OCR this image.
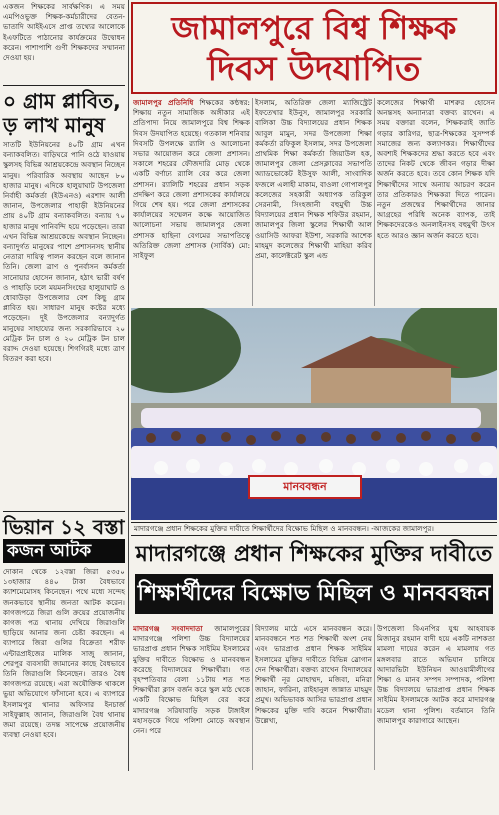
একজন শিক্ষকের সার্বক্ষণিক। এ সময় এমপিওভুক্ত শিক্ষক-কর্মচারীদের বেতন-ভাতাদি আইইএসে প্রাপ্ত তথ্যের আলোকে ইএফটিতে পাঠানোর কার্যক্রমের উদ্বোধন করেন। পাশাপাশি গুণী শিক্ষকদের সম্মাননা দেওয়া হয়।

০ গ্রাম প্লাবিত,
ড় লাখ মানুষ

সাতটি ইউনিয়নের ৪০টি গ্রাম এখন বন্যাকবলিত। বাড়িঘরে পানি ওঠে যাওয়ায় স্কুলসহ বিভিন্ন আশ্রয়কেন্দ্রে অবস্থান নিচ্ছেন মানুষ। পরিবারিক অবস্থায় আছেন ৮০ হাজার মানুষ। এদিকে হালুয়াঘাট উপজেলা নির্বাহী কর্মকর্তা (ইউএনও) এরশাদ আলী জানান, উপজেলার পাহাড়ী ইউনিয়নের প্রায় ৪০টি গ্রাম বন্যাকবলিত। বন্যায় ৭০ হাজার মানুষ পানিবন্দি হয়ে পড়েছেন। তারা এখন বিভিন্ন আশ্রয়কেন্দ্রে অবস্থান নিচ্ছেন। বন্যাদুর্গত মানুষের পাশে প্রশাসনসহ স্থানীয় নেতারা দায়িত্ব পালন করছেন বলে জানান তিনি। জেলা ত্রাণ ও পুনর্বাসন কর্মকর্তা সানোয়ার হোসেন জানান, হঠাৎ ভারী বর্ষণ ও পাহাড়ি ঢলে ময়মনসিংহের হালুয়াঘাট ও ধোবাউড়া উপজেলার বেশ কিছু গ্রাম প্লাবিত হয়। সাধারণ মানুষ কষ্টের মধ্যে পড়েছেন। দুই উপজেলার বন্যাদুর্গত মানুষের সাহায্যের জন্য সরকারিভাবে ২০ মেট্রিক টন চাল ও ২০ মেট্রিক টন চাল বরাদ্দ দেওয়া হয়েছে। শিগগিরই মধ্যে ত্রাণ বিতরণ করা হবে।

ভিয়ান ১২ বস্তা
কজন আটক

দোকান থেকে ১২বস্তা জিরা ৫৩৫০ ১৩হাজার ৪৪০ টাকা বৈধভাবে ক্যাশমেমোসহ কিনেছেন। পথে মধ্যে সন্দেহ জনকভাবে স্থানীয় জনতা আটক করেন। কাগজপত্রে জিরা গুলি ক্রয়ের প্রয়োজনীয় কাগজ পত্র থানায় দেখিয়ে জিরাগুলি ছাড়িয়ে আনার জন্য চেষ্টা করছেন। এ ব্যাপারে জিরা গুলির বিক্রেতা শরীফ এন্টারপ্রাইজের মালিক সাজু জানান, শেরপুর ব্যবসায়ী জামানের কাছে বৈধভাবে তিনি জিরাগুলি কিনেছেন। তারও বৈধ কাগজপত্র রয়েছে। এরা অযৌক্তিক থাকলে ভুয়া অভিযোগে ফাঁসানো হবে। এ ব্যাপারে ইসলামপুর থানার অফিসার ইনচার্জ সাইফুল্লাহ জানান, জিরাগুলি বৈধ থানায় জমা রয়েছে। তদন্ত সাপেক্ষে প্রয়োজনীয় ব্যবস্থা নেওয়া হবে।

জামালপুরে বিশ্ব শিক্ষক
দিবস উদযাপিত
জামালপুর প্রতিনিধি শিক্ষকের কন্ঠস্বর: শিক্ষায় নতুন সামাজিক অঙ্গীকার এই প্রতিপাদ্য নিয়ে জামালপুরে বিশ্ব শিক্ষক দিবস উদযাপিত হয়েছে। গতকাল শনিবার দিবসটি উপলক্ষে র‌্যালি ও আলোচনা সভার আয়োজন করে জেলা প্রশাসন। সকালে শহরের ফৌজদারি মোড় থেকে একটি বর্ণাঢ্য র‌্যালি বের করে জেলা প্রশাসন। র‌্যালিটি শহরের প্রধান সড়ক প্রদক্ষিণ করে জেলা প্রশাসকের কার্যালয়ে গিয়ে শেষ হয়। পরে জেলা প্রশাসকের কার্যালয়ের সম্মেলন কক্ষে আয়োজিত আলোচনা সভায় জামালপুর জেলা প্রশাসক হাছিনা বেগমের সভাপতিত্বে অতিরিক্ত জেলা প্রশাসক (সার্বিক) মো: সাইফুল

ইসলাম, অতিরিক্ত জেলা ম্যাজিস্ট্রেট ইফতেখার ইউনুস, জামালপুর সরকারি বালিকা উচ্চ বিদ্যালয়ের প্রধান শিক্ষক আবুল মামুন, সদর উপজেলা শিক্ষা কর্মকর্তা রফিকুল ইসলাম, সদর উপজেলা প্রাথমিক শিক্ষা কর্মকর্তা জিয়াউল হক, জামালপুর জেলা প্রেসক্লাবের সভাপতি অ্যাডভোকেট ইউসুফ আলী, সাংবাদিক ফজলে এলাহী মাকাম, বাওলা গোপালপুর কলেজের সহকারী অধ্যাপক তরিকুল সেরনামী, সিংহজানী বহুমুখী উচ্চ বিদ্যালয়ের প্রধান শিক্ষক শফিউর রহমান, জামালপুর জিলা স্কুলের শিক্ষার্থী আল ওয়াসিউ আফরা ইউশা, সরকারি আশেক মাহমুদ কলেজের শিক্ষার্থী মাহিয়া করিব প্রমা, কালেক্টরেট স্কুল এন্ড

কলেজের শিক্ষার্থী মাশরুর হোসেন অনন্তসহ অন্যান্যরা বক্তব্য রাখেন। এ সময় বক্তারা বলেন, শিক্ষকরাই জাতি গড়ার কারিগর, ছাত্র-শিক্ষকের সুসম্পর্ক সমাজের জন্য কল্যাণকর। শিক্ষার্থীদের অবশ্যই শিক্ষকদের শ্রদ্ধা করতে হবে এবং তাদের নিকট থেকে জীবন গড়ার দীক্ষা অর্জন করতে হবে। তবে কোন শিক্ষক যদি শিক্ষার্থীদের সাথে অন্যায় আচরণ করেন তার প্রতিকারও শিক্ষকরা দিতে পারেন। নতুন প্রজন্মের শিক্ষার্থীদের জানার আগ্রহের পরিধি অনেক ব্যাপক, তাই শিক্ষকদেরকেও অনলাইনসহ বহুমুখী উৎস হতে আরও জ্ঞান অর্জন করতে হবে।

মানববন্ধন
মাদারগঞ্জে প্রধান শিক্ষকের মুক্তির দাবীতে শিক্ষার্থীদের বিক্ষোভ মিছিল ও মানববন্ধন। -আজকের জামালপুর।
মাদারগঞ্জে প্রধান শিক্ষকের মুক্তির দাবীতে
শিক্ষার্থীদের বিক্ষোভ মিছিল ও মানববন্ধন
মাদারগঞ্জ সংবাদদাতা জামালপুরের মাদারগঞ্জে পলিশা উচ্চ বিদ্যালয়ের ভারপ্রাপ্ত প্রধান শিক্ষক সাইমিম ইসলামের মুক্তির দাবীতে বিক্ষোভ ও মানববন্ধন করেছে বিদ্যালয়ের শিক্ষার্থীরা। গত বৃহস্পতিবার বেলা ১১টায় শত শত শিক্ষার্থীরা ক্লাস বর্জন করে স্কুল মাঠ থেকে একটি বিক্ষোভ মিছিল বের করে মাদারগঞ্জ সরিষাবাড়ি সড়ক টাঙ্গাইল মহাসড়কে গিয়ে পলিশা মোড়ে অবস্থান নেন। পরে

বিদ্যালয় মাঠে এসে মানববন্ধন করে। মানববন্ধনে শত শত শিক্ষার্থী অংশ নেয় এবং ভারপ্রাপ্ত প্রধান শিক্ষক সাইমিম ইসলামের মুক্তির দাবীতে বিভিন্ন স্লোগান দেন শিক্ষার্থীরা। বক্তব্য রাখেন বিদ্যালয়ের শিক্ষার্থী নূর মোহাম্মদ, মজিবা, মনিরা জাহান, ফারিনা, রাইহানুল জান্নাত মাহমুদ প্রমুখ। অভিভাবক আসির ভারপ্রাপ্ত প্রধান শিক্ষকের মুক্তি দাবি করেন শিক্ষার্থীরা। উল্লেখ্য,

উপজেলা বিএনপির যুগ্ম আহবায়ক মিজানুর রহমান বাদী হয়ে একটি নাশকতা মামলা দায়ের করেন এ মামলায় গত মঙ্গলবার রাতে অভিযান চালিয়ে আদারভিটা ইউনিয়ন আওয়ামীলীগের শিক্ষা ও মানব সম্পদ সম্পাদক, পলিশা উচ্চ বিদ্যালয়ে ভারপ্রাপ্ত প্রধান শিক্ষক সাইমিম ইসলামকে আটক করে মাদারগঞ্জ মডেল থানা পুলিশ। বর্তমানে তিনি জামালপুর কারাগারে আছেন।
